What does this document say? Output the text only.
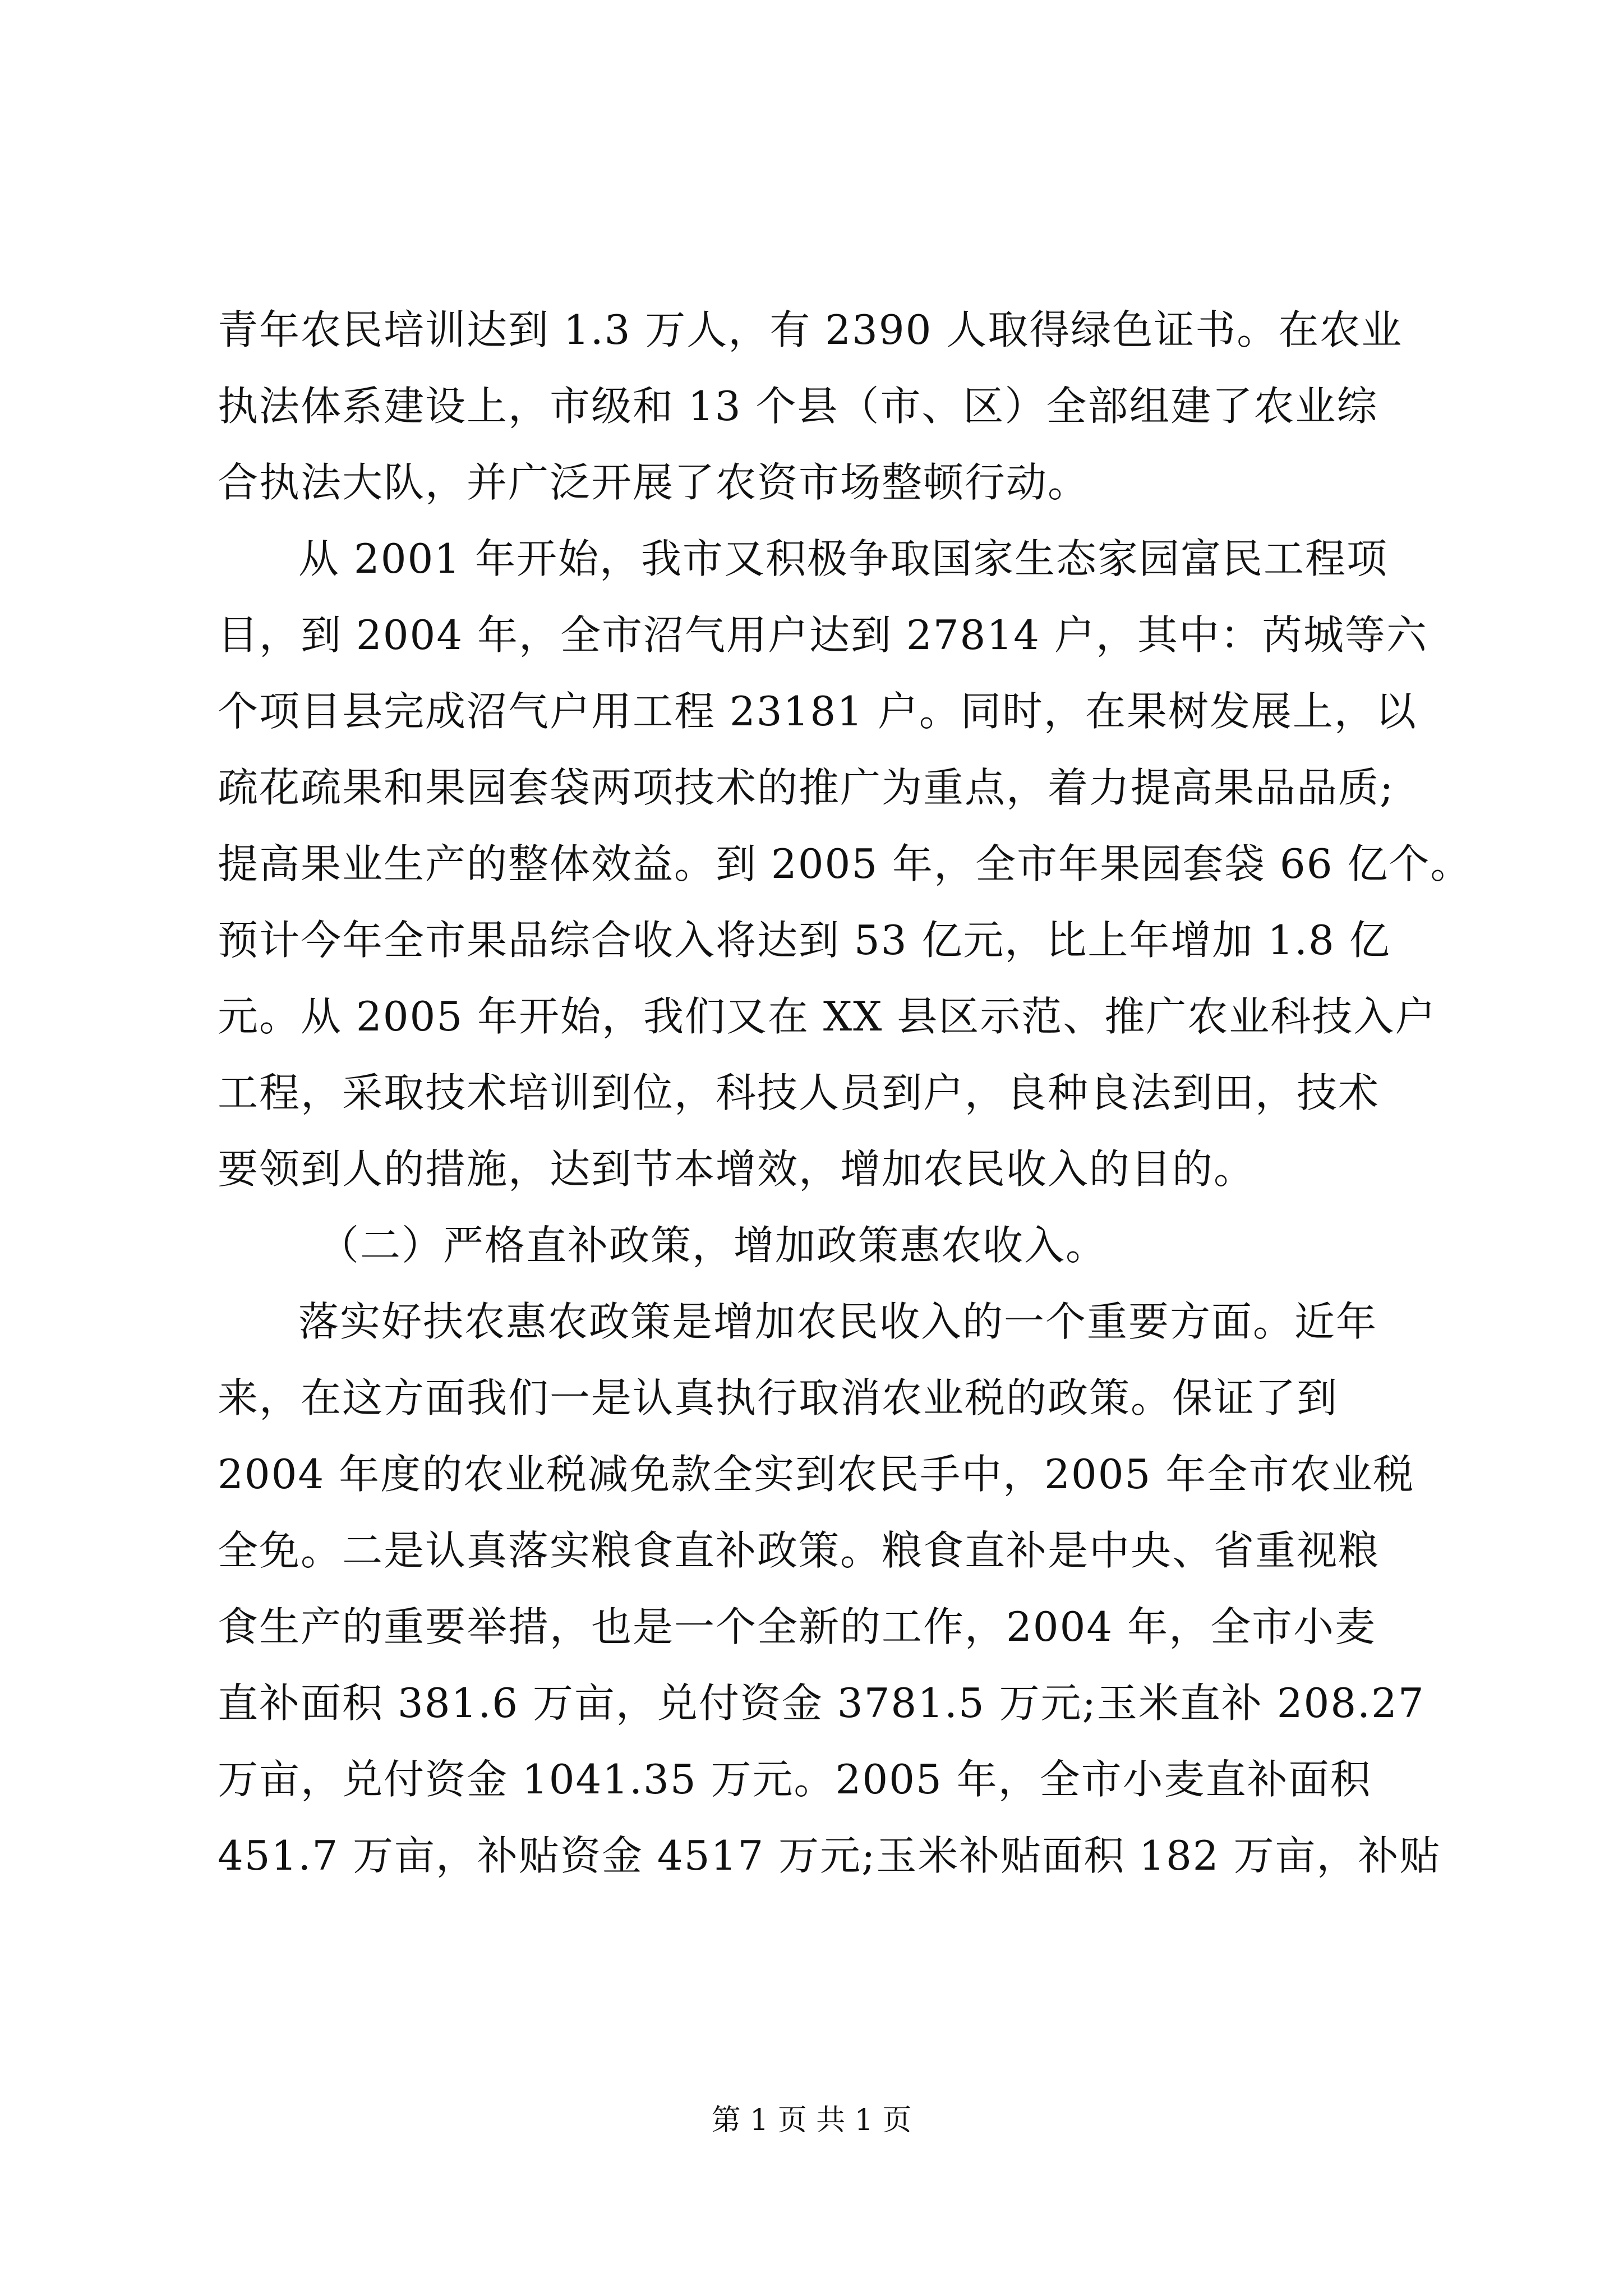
青年农民培训达到 1.3 万人，有 2390 人取得绿色证书。在农业
执法体系建设上，市级和 13 个县（市、区）全部组建了农业综
合执法大队，并广泛开展了农资市场整顿行动。
从 2001 年开始，我市又积极争取国家生态家园富民工程项
目，到 2004 年，全市沼气用户达到 27814 户，其中：芮城等六
个项目县完成沼气户用工程 23181 户。同时，在果树发展上，以
疏花疏果和果园套袋两项技术的推广为重点，着力提高果品品质;
提高果业生产的整体效益。到 2005 年，全市年果园套袋 66 亿个。
预计今年全市果品综合收入将达到 53 亿元，比上年增加 1.8 亿
元。从 2005 年开始，我们又在 XX 县区示范、推广农业科技入户
工程，采取技术培训到位，科技人员到户，良种良法到田，技术
要领到人的措施，达到节本增效，增加农民收入的目的。
（二）严格直补政策，增加政策惠农收入。
落实好扶农惠农政策是增加农民收入的一个重要方面。近年
来，在这方面我们一是认真执行取消农业税的政策。保证了到
2004 年度的农业税减免款全实到农民手中，2005 年全市农业税
全免。二是认真落实粮食直补政策。粮食直补是中央、省重视粮
食生产的重要举措，也是一个全新的工作，2004 年，全市小麦
直补面积 381.6 万亩，兑付资金 3781.5 万元;玉米直补 208.27
万亩，兑付资金 1041.35 万元。2005 年，全市小麦直补面积
451.7 万亩，补贴资金 4517 万元;玉米补贴面积 182 万亩，补贴
第 1 页 共 1 页
